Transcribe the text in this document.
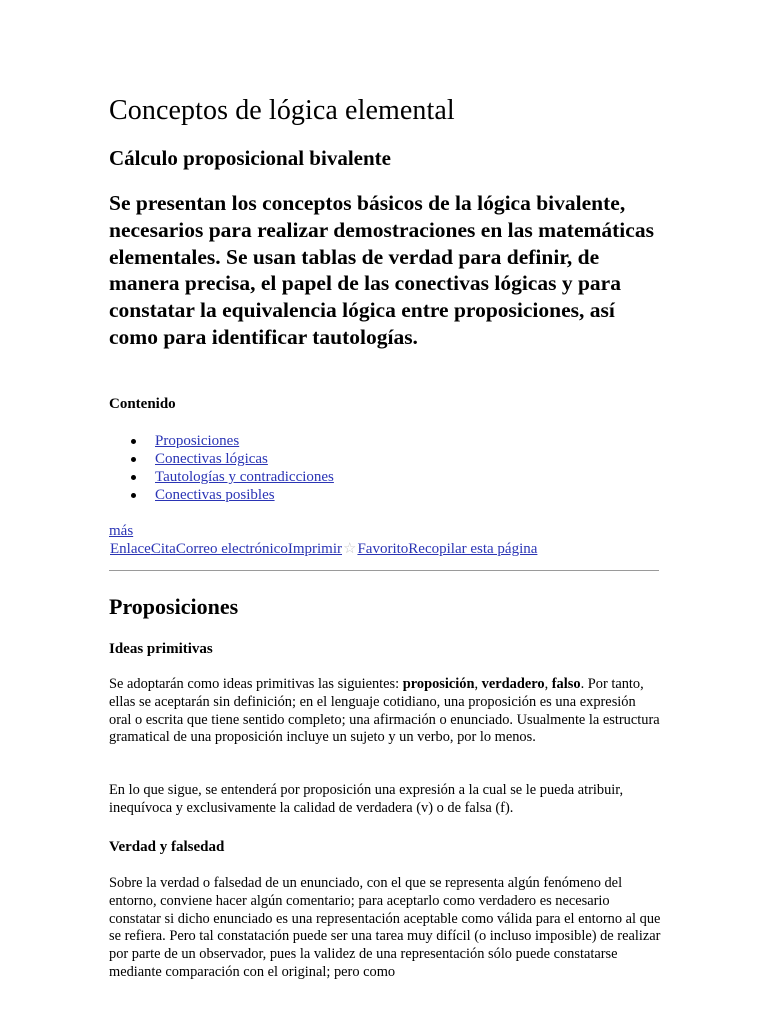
Conceptos de lógica elemental
Cálculo proposicional bivalente

Se presentan los conceptos básicos de la lógica bivalente, necesarios para realizar demostraciones en las matemáticas elementales. Se usan tablas de verdad para definir, de manera precisa, el papel de las conectivas lógicas y para constatar la equivalencia lógica entre proposiciones, así como para identificar tautologías.

Contenido
Proposiciones
Conectivas lógicas
Tautologías y contradicciones
Conectivas posibles
más
EnlaceCitaCorreo electrónicoImprimir☆FavoritoRecopilar esta página
Proposiciones
Ideas primitivas

Se adoptarán como ideas primitivas las siguientes: proposición, verdadero, falso. Por tanto, ellas se aceptarán sin definición; en el lenguaje cotidiano, una proposición es una expresión oral o escrita que tiene sentido completo; una afirmación o enunciado. Usualmente la estructura gramatical de una proposición incluye un sujeto y un verbo, por lo menos.

En lo que sigue, se entenderá por proposición una expresión a la cual se le pueda atribuir, inequívoca y exclusivamente la calidad de verdadera (v) o de falsa (f).

Verdad y falsedad

Sobre la verdad o falsedad de un enunciado, con el que se representa algún fenómeno del entorno, conviene hacer algún comentario; para aceptarlo como verdadero es necesario constatar si dicho enunciado es una representación aceptable como válida para el entorno al que se refiera. Pero tal constatación puede ser una tarea muy difícil (o incluso imposible) de realizar por parte de un observador, pues la validez de una representación sólo puede constatarse mediante comparación con el original; pero como
